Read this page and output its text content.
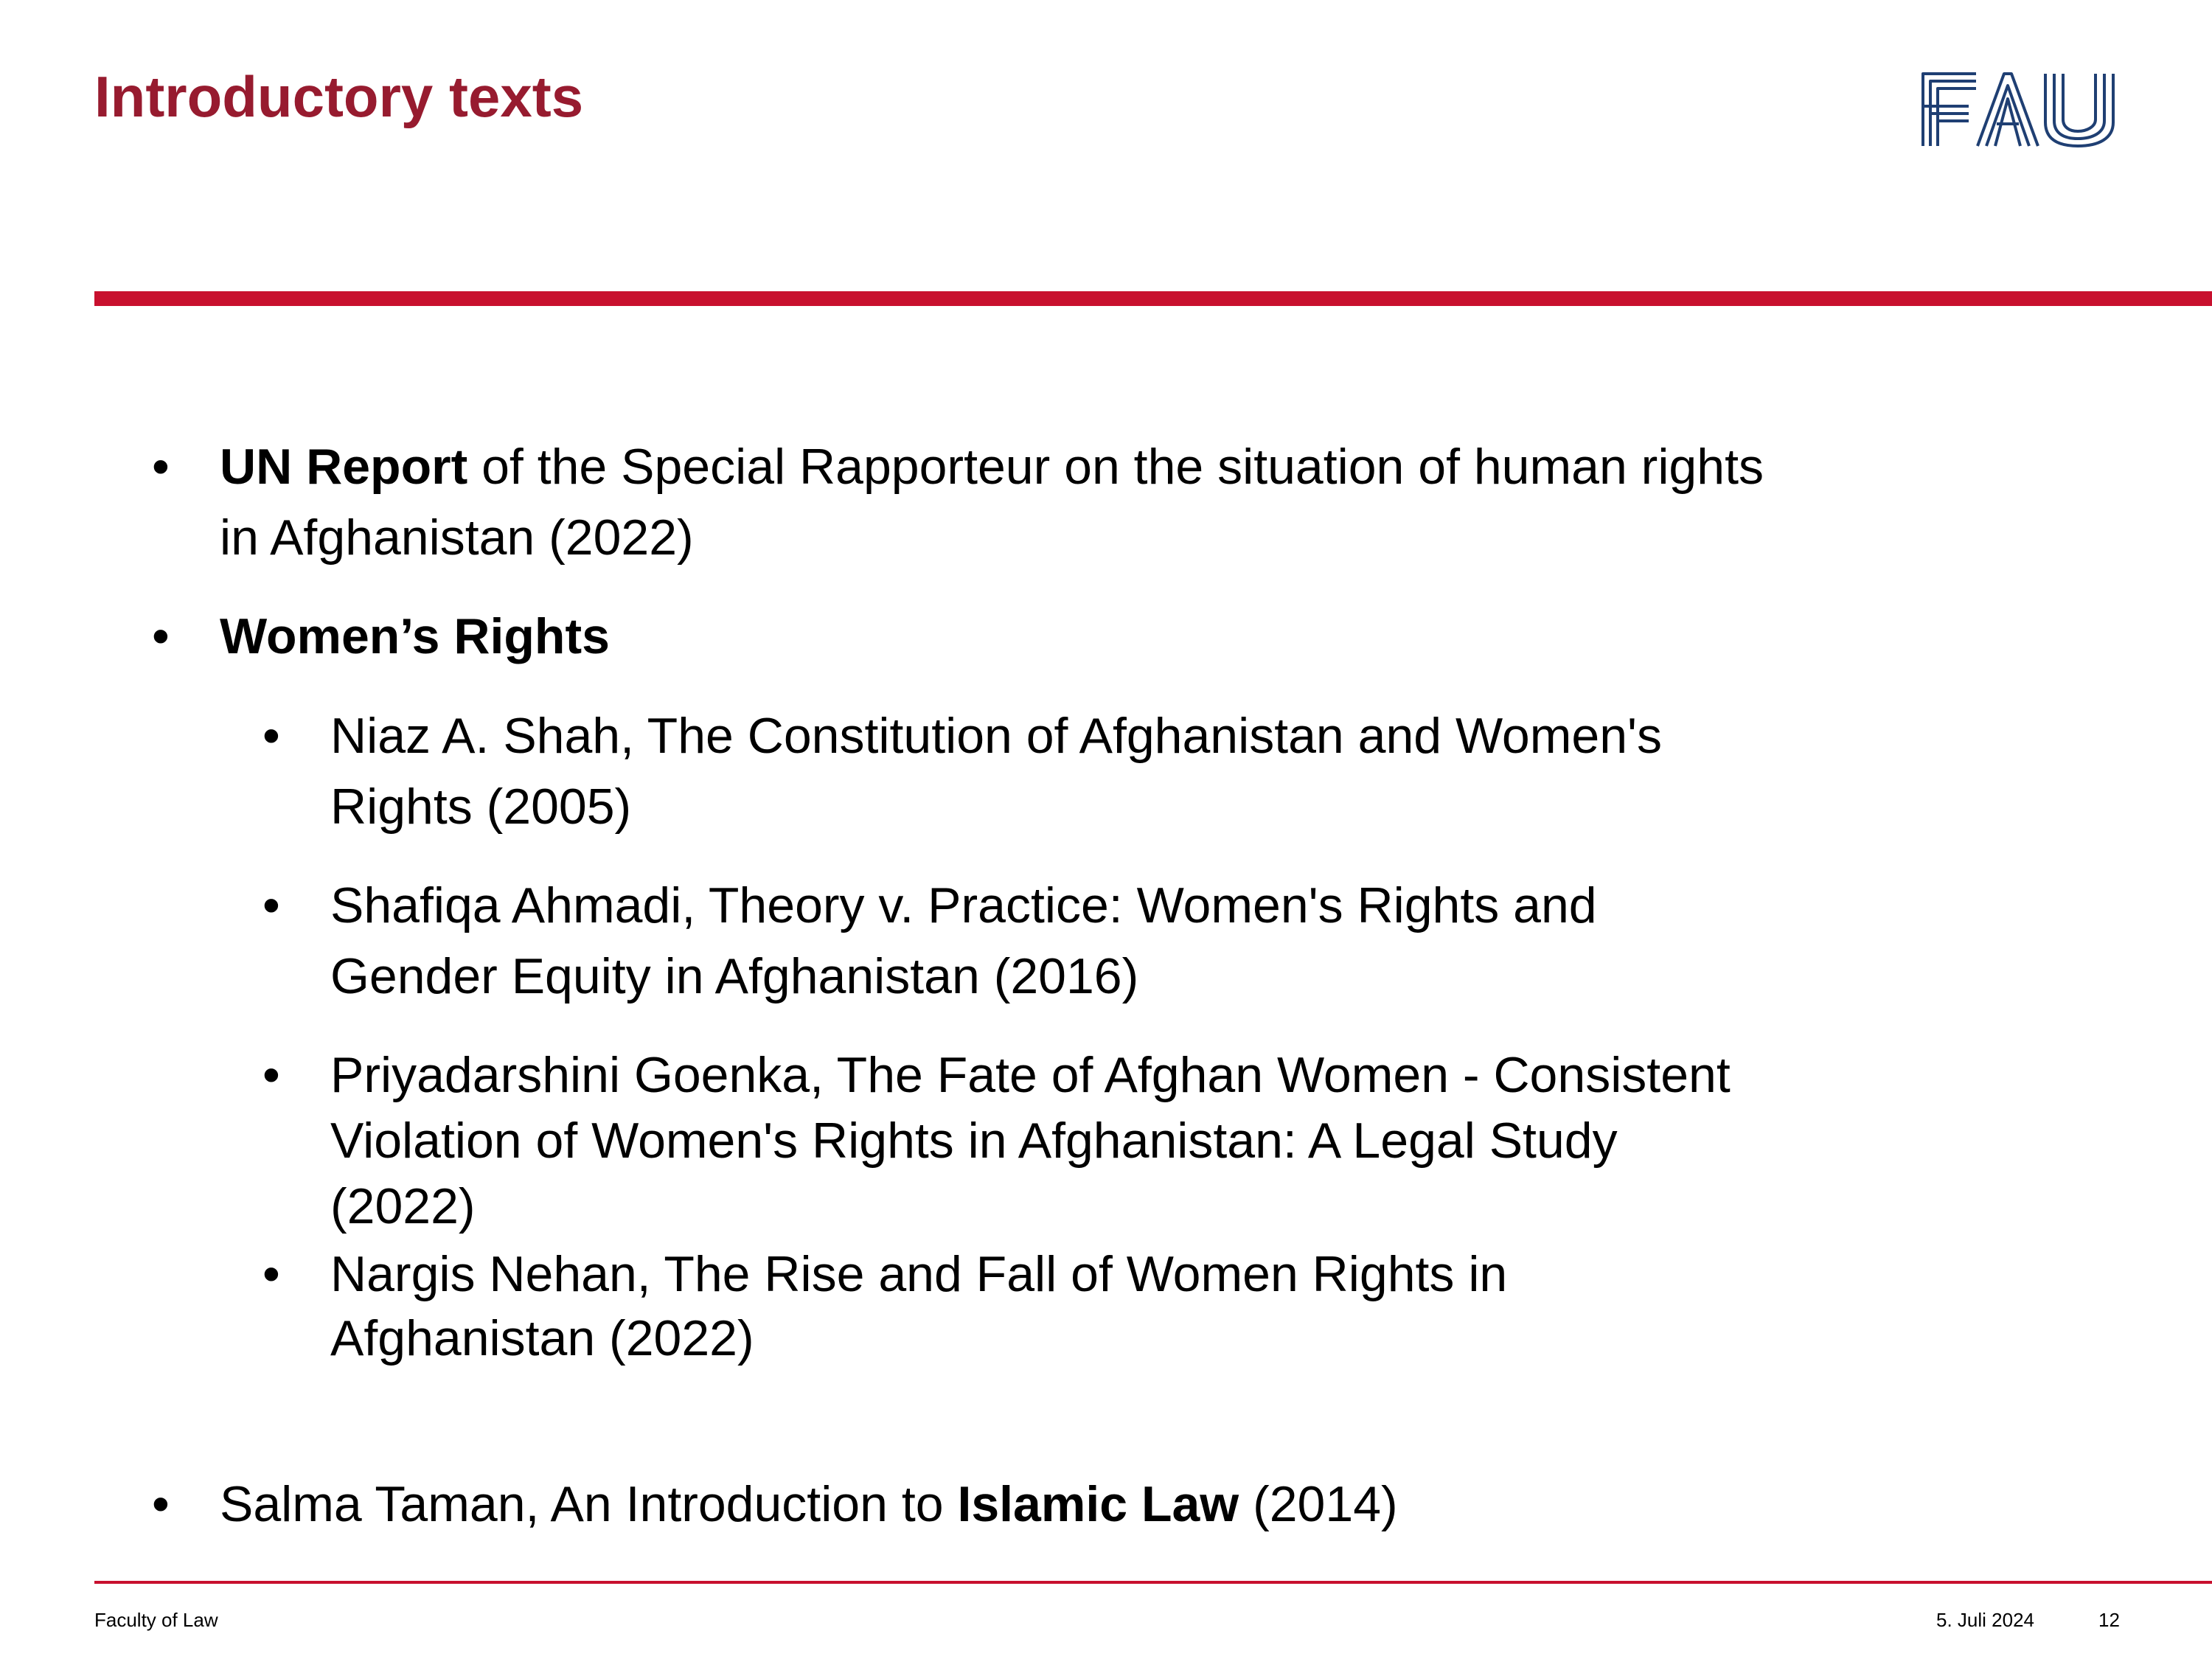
Introductory texts
• UN Report of the Special Rapporteur on the situation of human rights
in Afghanistan (2022)
• Women’s Rights
• Niaz A. Shah, The Constitution of Afghanistan and Women's
Rights (2005)
• Shafiqa Ahmadi, Theory v. Practice: Women's Rights and
Gender Equity in Afghanistan (2016)
• Priyadarshini Goenka, The Fate of Afghan Women - Consistent
Violation of Women's Rights in Afghanistan: A Legal Study
(2022)
• Nargis Nehan, The Rise and Fall of Women Rights in
Afghanistan (2022)
• Salma Taman, An Introduction to Islamic Law (2014)
Faculty of Law	5. Juli 2024	12
